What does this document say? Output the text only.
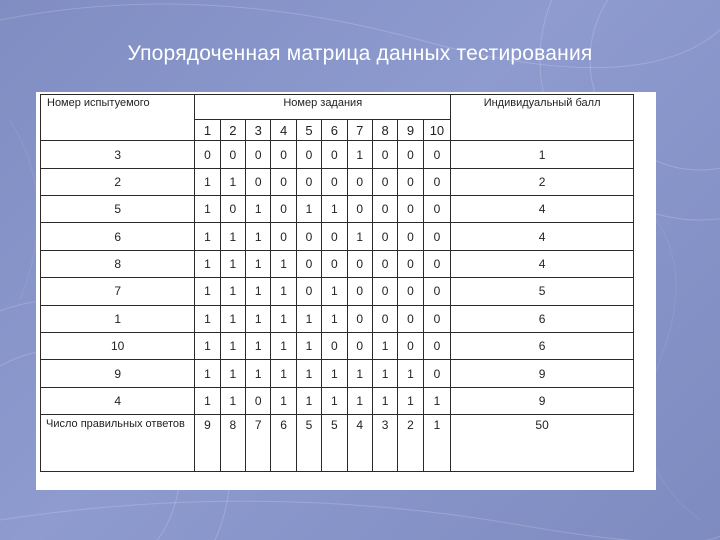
Упорядоченная матрица данных тестирования
Номер испытуемого	Номер задания										Индивидуальный балл
	1	2	3	4	5	6	7	8	9	10	
3	0	0	0	0	0	0	1	0	0	0	1
2	1	1	0	0	0	0	0	0	0	0	2
5	1	0	1	0	1	1	0	0	0	0	4
6	1	1	1	0	0	0	1	0	0	0	4
8	1	1	1	1	0	0	0	0	0	0	4
7	1	1	1	1	0	1	0	0	0	0	5
1	1	1	1	1	1	1	0	0	0	0	6
10	1	1	1	1	1	0	0	1	0	0	6
9	1	1	1	1	1	1	1	1	1	0	9
4	1	1	0	1	1	1	1	1	1	1	9
Число правильных ответов	9	8	7	6	5	5	4	3	2	1	50
